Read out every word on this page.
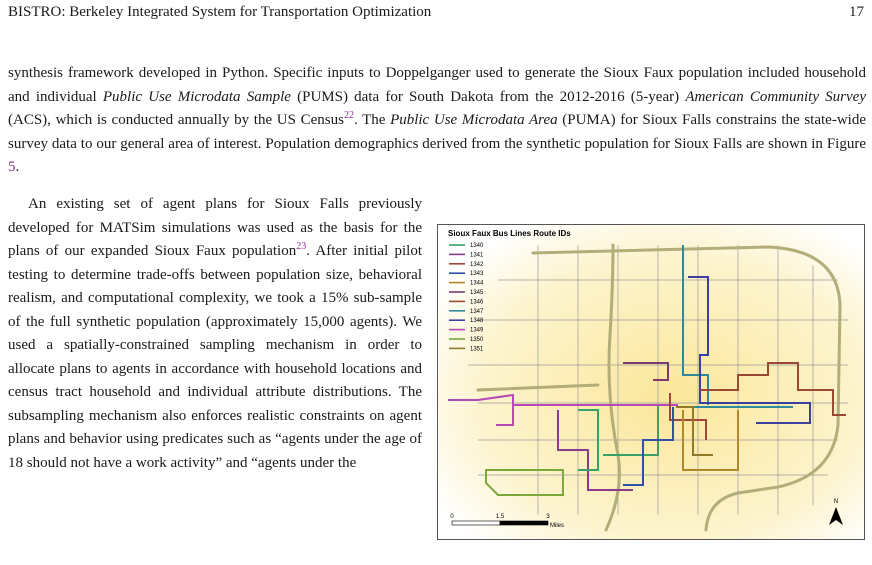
BISTRO: Berkeley Integrated System for Transportation Optimization	17

synthesis framework developed in Python. Specific inputs to Doppelganger used to generate the Sioux Faux population included household and individual Public Use Microdata Sample (PUMS) data for South Dakota from the 2012-2016 (5-year) American Community Survey (ACS), which is conducted annually by the US Census$^{22}$. The Public Use Microdata Area (PUMA) for Sioux Falls constrains the state-wide survey data to our general area of interest. Population demographics derived from the synthetic population for Sioux Falls are shown in Figure 5.

An existing set of agent plans for Sioux Falls previously developed for MATSim simulations was used as the basis for the plans of our expanded Sioux Faux population$^{23}$. After initial pilot testing to determine trade-offs between population size, behavioral realism, and computational complexity, we took a 15% sub-sample of the full synthetic population (approximately 15,000 agents). We used a spatially-constrained sampling mechanism in order to allocate plans to agents in accordance with household locations and census tract household and individual attribute distributions. The subsampling mechanism also enforces realistic constraints on agent plans and behavior using predicates such as “agents under the age of 18 should not have a work activity” and “agents under the

Sioux Faux Bus Lines Route IDs
1340
1341
1342
1343
1344
1345
1346
1347
1348
1349
1350
1351
0	1.5	3
Miles
N
